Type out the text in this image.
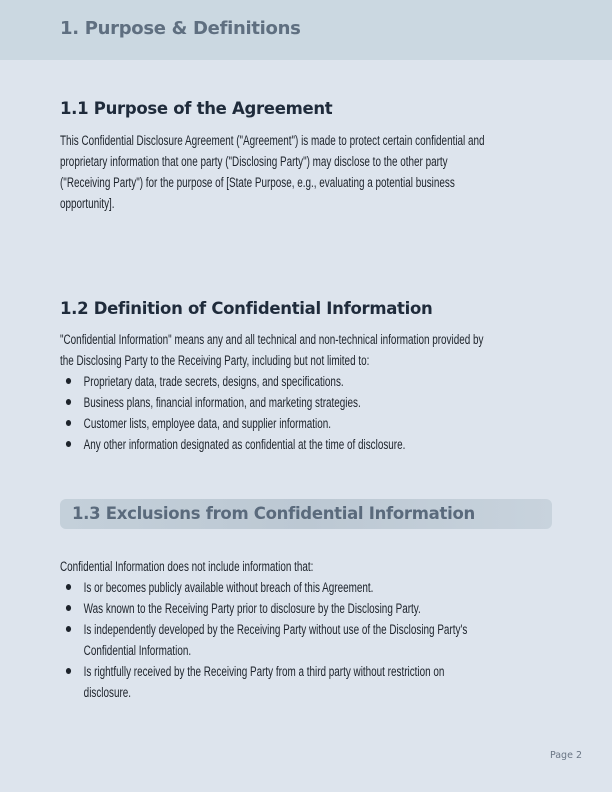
1. Purpose & Definitions
1.1 Purpose of the Agreement

This Confidential Disclosure Agreement ("Agreement") is made to protect certain confidential and

proprietary information that one party ("Disclosing Party") may disclose to the other party

("Receiving Party") for the purpose of [State Purpose, e.g., evaluating a potential business

opportunity].

1.2 Definition of Confidential Information

"Confidential Information" means any and all technical and non-technical information provided by

the Disclosing Party to the Receiving Party, including but not limited to:

Proprietary data, trade secrets, designs, and specifications.
Business plans, financial information, and marketing strategies.
Customer lists, employee data, and supplier information.
Any other information designated as confidential at the time of disclosure.
1.3 Exclusions from Confidential Information

Confidential Information does not include information that:

Is or becomes publicly available without breach of this Agreement.
Was known to the Receiving Party prior to disclosure by the Disclosing Party.
Is independently developed by the Receiving Party without use of the Disclosing Party's
Confidential Information.
Is rightfully received by the Receiving Party from a third party without restriction on
disclosure.
Page 2
